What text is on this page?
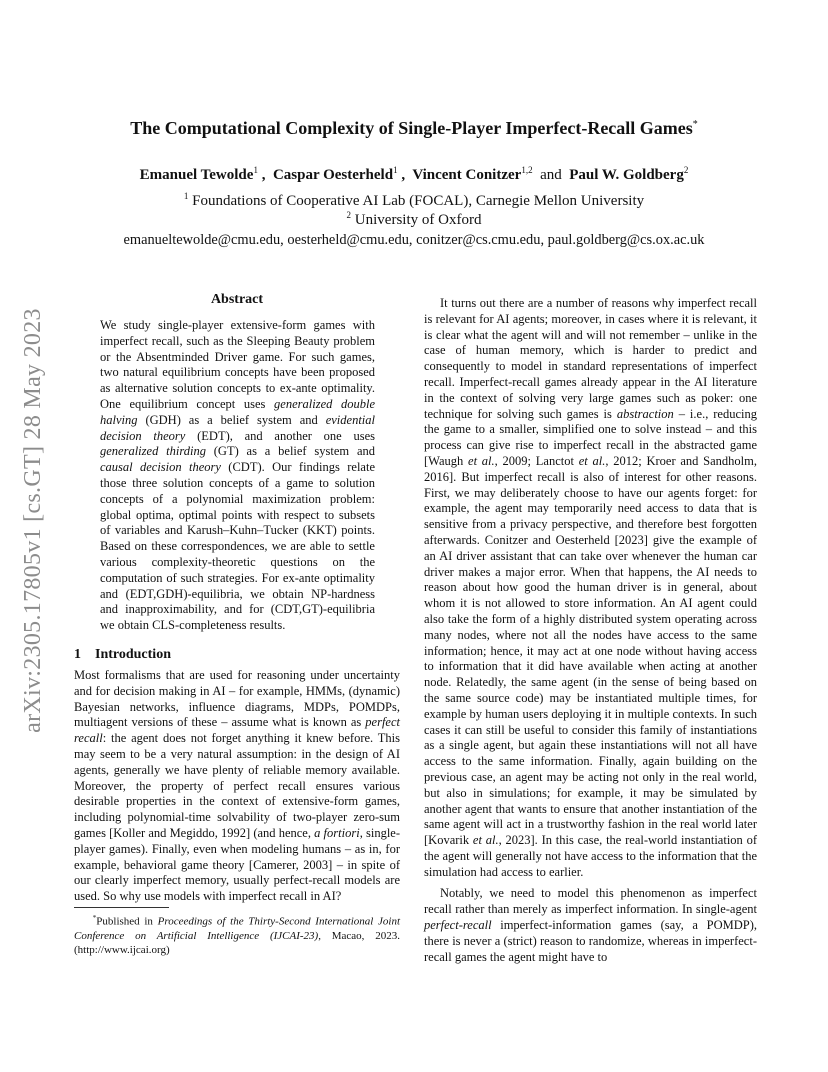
arXiv:2305.17805v1 [cs.GT] 28 May 2023
The Computational Complexity of Single-Player Imperfect-Recall Games*
Emanuel Tewolde$^1$ ,  Caspar Oesterheld$^1$ ,  Vincent Conitzer$^{1,2}$ and Paul W. Goldberg$^2$
$^1$ Foundations of Cooperative AI Lab (FOCAL), Carnegie Mellon University
$^2$ University of Oxford
emanueltewolde@cmu.edu, oesterheld@cmu.edu, conitzer@cs.cmu.edu, paul.goldberg@cs.ox.ac.uk
Abstract

We study single-player extensive-form games with imperfect recall, such as the Sleeping Beauty problem or the Absentminded Driver game. For such games, two natural equilibrium concepts have been proposed as alternative solution concepts to ex-ante optimality. One equilibrium concept uses generalized double halving (GDH) as a belief system and evidential decision theory (EDT), and another one uses generalized thirding (GT) as a belief system and causal decision theory (CDT). Our findings relate those three solution concepts of a game to solution concepts of a polynomial maximization problem: global optima, optimal points with respect to subsets of variables and Karush–Kuhn–Tucker (KKT) points. Based on these correspondences, we are able to settle various complexity-theoretic questions on the computation of such strategies. For ex-ante optimality and (EDT,GDH)-equilibria, we obtain NP-hardness and inapproximability, and for (CDT,GT)-equilibria we obtain CLS-completeness results.

1 Introduction

Most formalisms that are used for reasoning under uncertainty and for decision making in AI – for example, HMMs, (dynamic) Bayesian networks, influence diagrams, MDPs, POMDPs, multiagent versions of these – assume what is known as perfect recall: the agent does not forget anything it knew before. This may seem to be a very natural assumption: in the design of AI agents, generally we have plenty of reliable memory available. Moreover, the property of perfect recall ensures various desirable properties in the context of extensive-form games, including polynomial-time solvability of two-player zero-sum games [Koller and Megiddo, 1992] (and hence, a fortiori, single-player games). Finally, even when modeling humans – as in, for example, behavioral game theory [Camerer, 2003] – in spite of our clearly imperfect memory, usually perfect-recall models are used. So why use models with imperfect recall in AI?

*Published in Proceedings of the Thirty-Second International Joint Conference on Artificial Intelligence (IJCAI-23), Macao, 2023. (http://www.ijcai.org)

It turns out there are a number of reasons why imperfect recall is relevant for AI agents; moreover, in cases where it is relevant, it is clear what the agent will and will not remember – unlike in the case of human memory, which is harder to predict and consequently to model in standard representations of imperfect recall. Imperfect-recall games already appear in the AI literature in the context of solving very large games such as poker: one technique for solving such games is abstraction – i.e., reducing the game to a smaller, simplified one to solve instead – and this process can give rise to imperfect recall in the abstracted game [Waugh et al., 2009; Lanctot et al., 2012; Kroer and Sandholm, 2016]. But imperfect recall is also of interest for other reasons. First, we may deliberately choose to have our agents forget: for example, the agent may temporarily need access to data that is sensitive from a privacy perspective, and therefore best forgotten afterwards. Conitzer and Oesterheld [2023] give the example of an AI driver assistant that can take over whenever the human car driver makes a major error. When that happens, the AI needs to reason about how good the human driver is in general, about whom it is not allowed to store information. An AI agent could also take the form of a highly distributed system operating across many nodes, where not all the nodes have access to the same information; hence, it may act at one node without having access to information that it did have available when acting at another node. Relatedly, the same agent (in the sense of being based on the same source code) may be instantiated multiple times, for example by human users deploying it in multiple contexts. In such cases it can still be useful to consider this family of instantiations as a single agent, but again these instantiations will not all have access to the same information. Finally, again building on the previous case, an agent may be acting not only in the real world, but also in simulations; for example, it may be simulated by another agent that wants to ensure that another instantiation of the same agent will act in a trustworthy fashion in the real world later [Kovarik et al., 2023]. In this case, the real-world instantiation of the agent will generally not have access to the information that the simulation had access to earlier.

Notably, we need to model this phenomenon as imperfect recall rather than merely as imperfect information. In single-agent perfect-recall imperfect-information games (say, a POMDP), there is never a (strict) reason to randomize, whereas in imperfect-recall games the agent might have to
